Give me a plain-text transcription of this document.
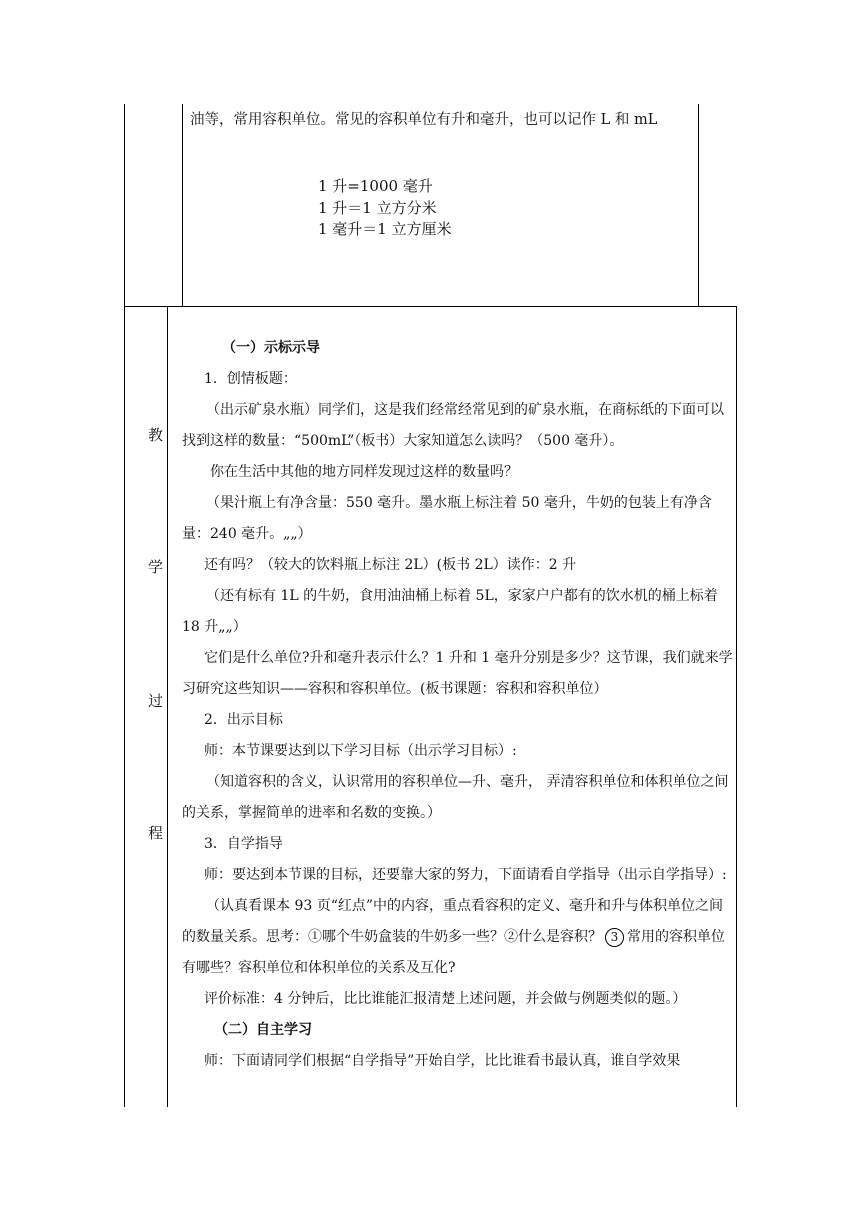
油等，常用容积单位。常见的容积单位有升和毫升，也可以记作 L 和 mL
1 升=1000 毫升
1 升＝1 立方分米
1 毫升＝1 立方厘米
教
学
过
程

（一）示标示导

1．创情板题：

（出示矿泉水瓶）同学们，这是我们经常经常见到的矿泉水瓶，在商标纸的下面可以找到这样的数量：“500mL”（板书）大家知道怎么读吗？（500 毫升）。

你在生活中其他的地方同样发现过这样的数量吗？

（果汁瓶上有净含量：550 毫升。墨水瓶上标注着 50 毫升，牛奶的包装上有净含量：240 毫升。„„）

还有吗？（较大的饮料瓶上标注 2L）(板书 2L）读作：2 升

（还有标有 1L 的牛奶，食用油油桶上标着 5L，家家户户都有的饮水机的桶上标着 18 升„„）

它们是什么单位?升和毫升表示什么？1 升和 1 毫升分别是多少？这节课，我们就来学习研究这些知识——容积和容积单位。(板书课题：容积和容积单位）

2．出示目标

师：本节课要达到以下学习目标（出示学习目标）:

（知道容积的含义，认识常用的容积单位—升、毫升， 弄清容积单位和体积单位之间的关系，掌握简单的进率和名数的变换。）

3．自学指导

师：要达到本节课的目标，还要靠大家的努力，下面请看自学指导（出示自学指导）:

（认真看课本 93 页“红点”中的内容，重点看容积的定义、毫升和升与体积单位之间的数量关系。思考：①哪个牛奶盒装的牛奶多一些？②什么是容积？ 3 常用的容积单位有哪些？容积单位和体积单位的关系及互化?

评价标准：4 分钟后，比比谁能汇报清楚上述问题，并会做与例题类似的题。）

（二）自主学习

师：下面请同学们根据“自学指导”开始自学，比比谁看书最认真，谁自学效果
